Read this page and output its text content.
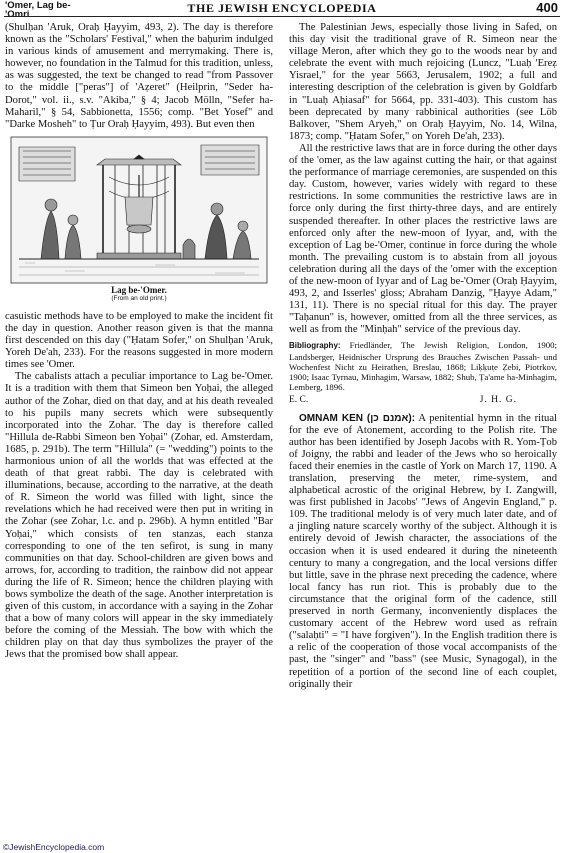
'Omer, Lag be-
'Omri	THE JEWISH ENCYCLOPEDIA	400

(Shulḥan 'Aruk, Oraḥ Ḥayyim, 493, 2). The day is therefore known as the "Scholars' Festival," when the baḥurim indulged in various kinds of amusement and merrymaking. There is, however, no foundation in the Talmud for this tradition, unless, as was suggested, the text be changed to read "from Passover to the middle ["peras"] of 'Aẓeret" (Heilprin, "Seder ha-Dorot," vol. ii., s.v. "Akiba," § 4; Jacob Mölln, "Sefer ha-Maharil," § 54, Sabbionetta, 1556; comp. "Bet Yosef" and "Darke Mosheh" to Ṭur Oraḥ Ḥayyim, 493). But even then

Lag be-'Omer.
(From an old print.)

casuistic methods have to be employed to make the incident fit the day in question. Another reason given is that the manna first descended on this day ("Ḥatam Sofer," on Shulḥan 'Aruk, Yoreh De'ah, 233). For the reasons suggested in more modern times see 'Omer.

The cabalists attach a peculiar importance to Lag be-'Omer. It is a tradition with them that Simeon ben Yoḥai, the alleged author of the Zohar, died on that day, and at his death revealed to his pupils many secrets which were subsequently incorporated into the Zohar. The day is therefore called "Hillula de-Rabbi Simeon ben Yoḥai" (Zohar, ed. Amsterdam, 1685, p. 291b). The term "Hillula" (= "wedding") points to the harmonious union of all the worlds that was effected at the death of that great rabbi. The day is celebrated with illuminations, because, according to the narrative, at the death of R. Simeon the world was filled with light, since the revelations which he had received were then put in writing in the Zohar (see Zohar, l.c. and p. 296b). A hymn entitled "Bar Yoḥai," which consists of ten stanzas, each stanza corresponding to one of the ten sefirot, is sung in many communities on that day. School-children are given bows and arrows, for, according to tradition, the rainbow did not appear during the life of R. Simeon; hence the children playing with bows symbolize the death of the sage. Another interpretation is given of this custom, in accordance with a saying in the Zohar that a bow of many colors will appear in the sky immediately before the coming of the Messiah. The bow with which the children play on that day thus symbolizes the prayer of the Jews that the promised bow shall appear.

The Palestinian Jews, especially those living in Safed, on this day visit the traditional grave of R. Simeon near the village Meron, after which they go to the woods near by and celebrate the event with much rejoicing (Luncz, "Luaḥ 'Ereẓ Yisrael," for the year 5663, Jerusalem, 1902; a full and interesting description of the celebration is given by Goldfarb in "Luaḥ Aḥiasaf" for 5664, pp. 331-403). This custom has been deprecated by many rabbinical authorities (see Löb Balkover, "Shem Aryeh," on Oraḥ Ḥayyim, No. 14, Wilna, 1873; comp. "Ḥatam Sofer," on Yoreh De'ah, 233).

All the restrictive laws that are in force during the other days of the 'omer, as the law against cutting the hair, or that against the performance of marriage ceremonies, are suspended on this day. Custom, however, varies widely with regard to these restrictions. In some communities the restrictive laws are in force only during the first thirty-three days, and are entirely suspended thereafter. In other places the restrictive laws are enforced only after the new-moon of Iyyar, and, with the exception of Lag be-'Omer, continue in force during the whole month. The prevailing custom is to abstain from all joyous celebration during all the days of the 'omer with the exception of the new-moon of Iyyar and of Lag be-'Omer (Oraḥ Ḥayyim, 493, 2, and Isserles' gloss; Abraham Danzig, "Ḥayye Adam," 131, 11). There is no special ritual for this day. The prayer "Taḥanun" is, however, omitted from all the three services, as well as from the "Minḥah" service of the previous day.

Bibliography: Friedländer, The Jewish Religion, London, 1900; Landsberger, Heidnischer Ursprung des Brauches Zwischen Passah- und Wochenfest Nicht zu Heirathen, Breslau, 1868; Liḳḳuṭe Ẓebi, Piotrkov, 1900; Isaac Tyrnau, Minhagim, Warsaw, 1882; Shub, Ṭa'ame ha-Minhagim, Lemberg, 1896.

E. C.	J. H. G.

OMNAM KEN (אמנם כן): A penitential hymn in the ritual for the eve of Atonement, according to the Polish rite. The author has been identified by Joseph Jacobs with R. Yom-Ṭob of Joigny, the rabbi and leader of the Jews who so heroically faced their enemies in the castle of York on March 17, 1190. A translation, preserving the meter, rime-system, and alphabetical acrostic of the original Hebrew, by I. Zangwill, was first published in Jacobs' "Jews of Angevin England," p. 109. The traditional melody is of very much later date, and of a jingling nature scarcely worthy of the subject. Although it is entirely devoid of Jewish character, the associations of the occasion when it is used endeared it during the nineteenth century to many a congregation, and the local versions differ but little, save in the phrase next preceding the cadence, where local fancy has run riot. This is probably due to the circumstance that the original form of the cadence, still preserved in north Germany, inconveniently displaces the customary accent of the Hebrew word used as refrain ("salaḥti" = "I have forgiven"). In the English tradition there is a relic of the cooperation of those vocal accompanists of the past, the "singer" and "bass" (see Music, Synagogal), in the repetition of a portion of the second line of each couplet, originally their

©JewishEncyclopedia.com
